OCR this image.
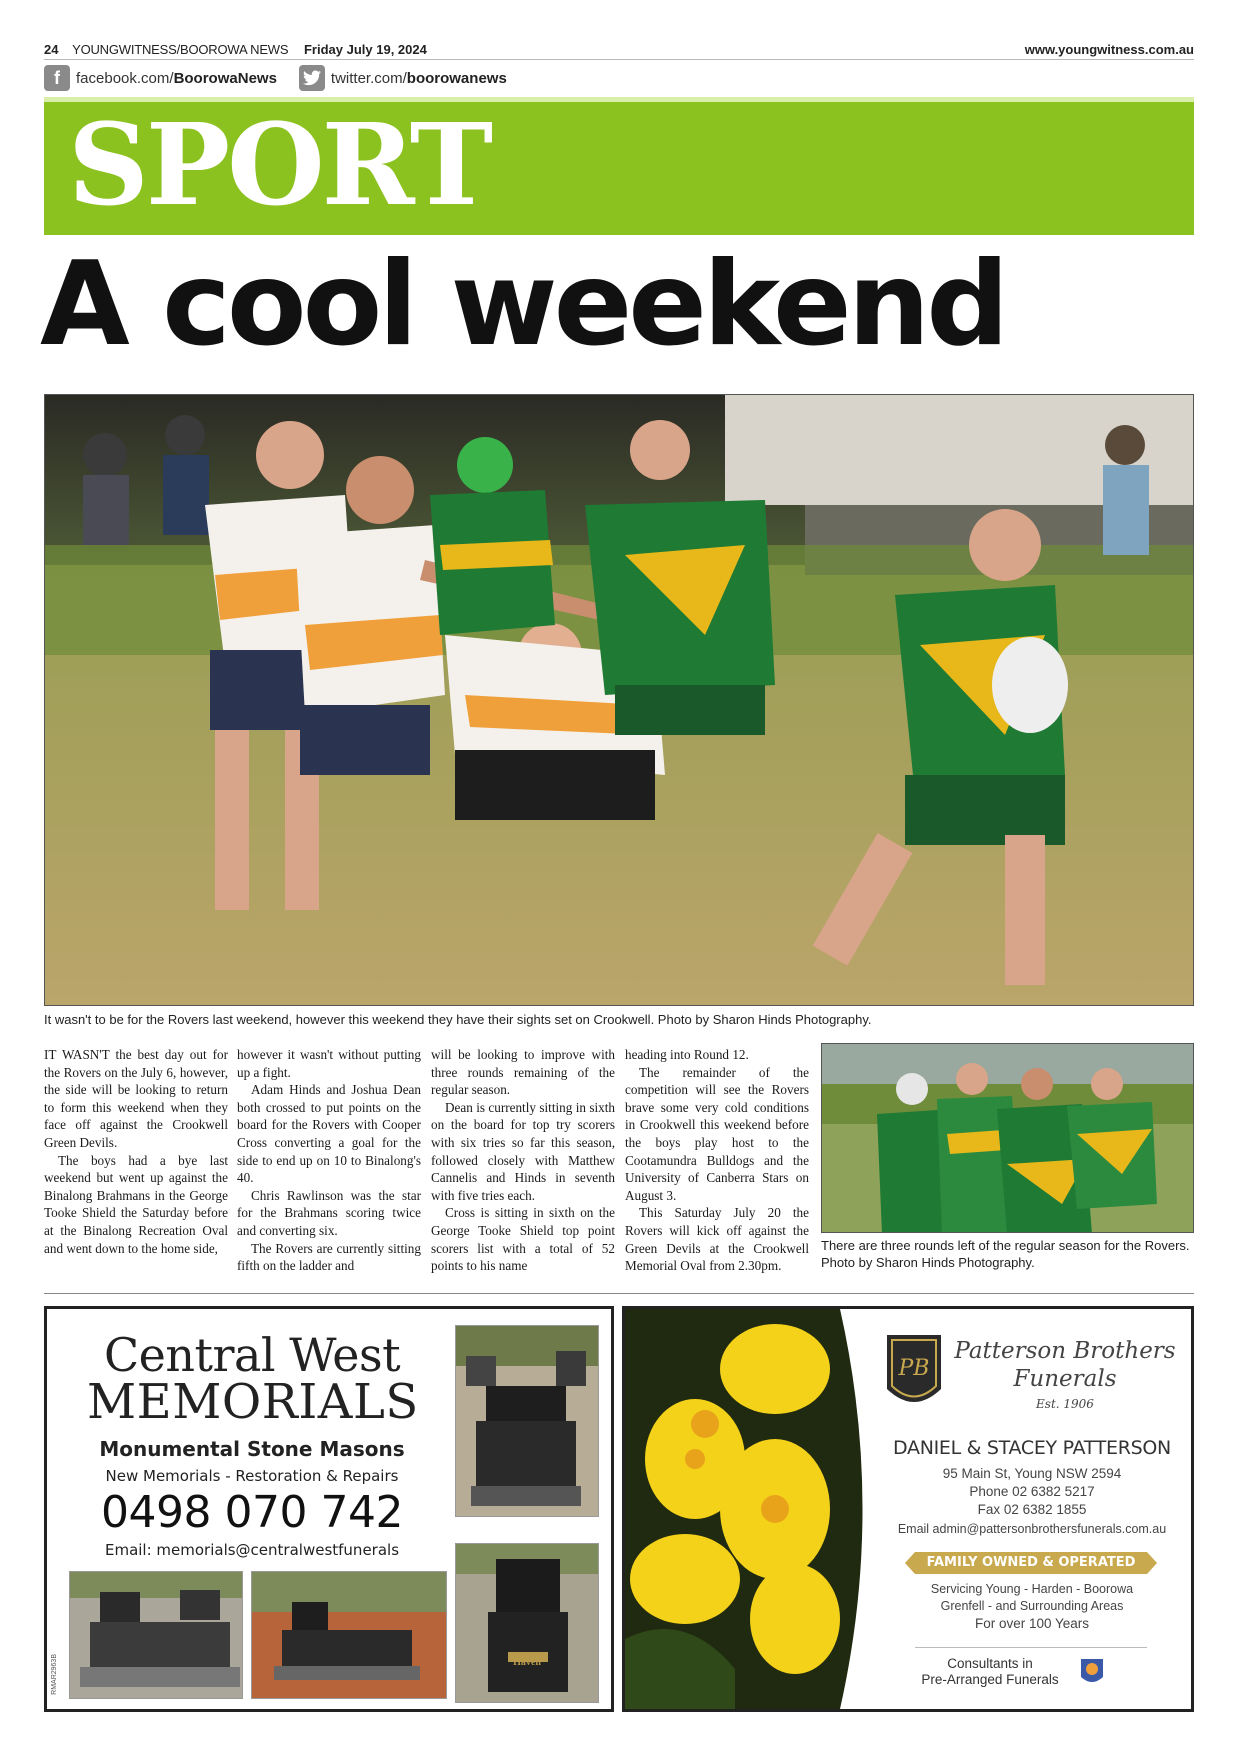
24 YOUNGWITNESS/BOOROWA NEWS Friday July 19, 2024	www.youngwitness.com.au
f	facebook.com/ BoorowaNews	twitter.com/ boorowanews
SPORT
A cool weekend
It wasn't to be for the Rovers last weekend, however this weekend they have their sights set on Crookwell. Photo by Sharon Hinds Photography.

IT WASN'T the best day out for the Rovers on the July 6, however, the side will be looking to return to form this weekend when they face off against the Crookwell Green Devils.

The boys had a bye last weekend but went up against the Binalong Brahmans in the George Tooke Shield the Saturday before at the Binalong Recreation Oval and went down to the home side,

however it wasn't without putting up a fight.

Adam Hinds and Joshua Dean both crossed to put points on the board for the Rovers with Cooper Cross converting a goal for the side to end up on 10 to Binalong's 40.

Chris Rawlinson was the star for the Brahmans scoring twice and converting six.

The Rovers are currently sitting fifth on the ladder and

will be looking to improve with three rounds remaining of the regular season.

Dean is currently sitting in sixth on the board for top try scorers with six tries so far this season, followed closely with Matthew Cannelis and Hinds in seventh with five tries each.

Cross is sitting in sixth on the George Tooke Shield top point scorers list with a total of 52 points to his name

heading into Round 12.

The remainder of the competition will see the Rovers brave some very cold conditions in Crookwell this weekend before the boys play host to the Cootamundra Bulldogs and the University of Canberra Stars on August 3.

This Saturday July 20 the Rovers will kick off against the Green Devils at the Crookwell Memorial Oval from 2.30pm.

There are three rounds left of the regular season for the Rovers. Photo by Sharon Hinds Photography.
Central West
MEMORIALS
Monumental Stone Masons
New Memorials - Restoration & Repairs
0498 070 742
Email: memorials@centralwestfunerals
RMAR2963B	Haven
PB
Patterson Brothers
Funerals
Est. 1906
DANIEL & STACEY PATTERSON
95 Main St, Young NSW 2594
Phone 02 6382 5217
Fax 02 6382 1855
Email admin@pattersonbrothersfunerals.com.au
FAMILY OWNED & OPERATED
Servicing Young - Harden - Boorowa
Grenfell - and Surrounding Areas
For over 100 Years
Consultants in
Pre-Arranged Funerals
